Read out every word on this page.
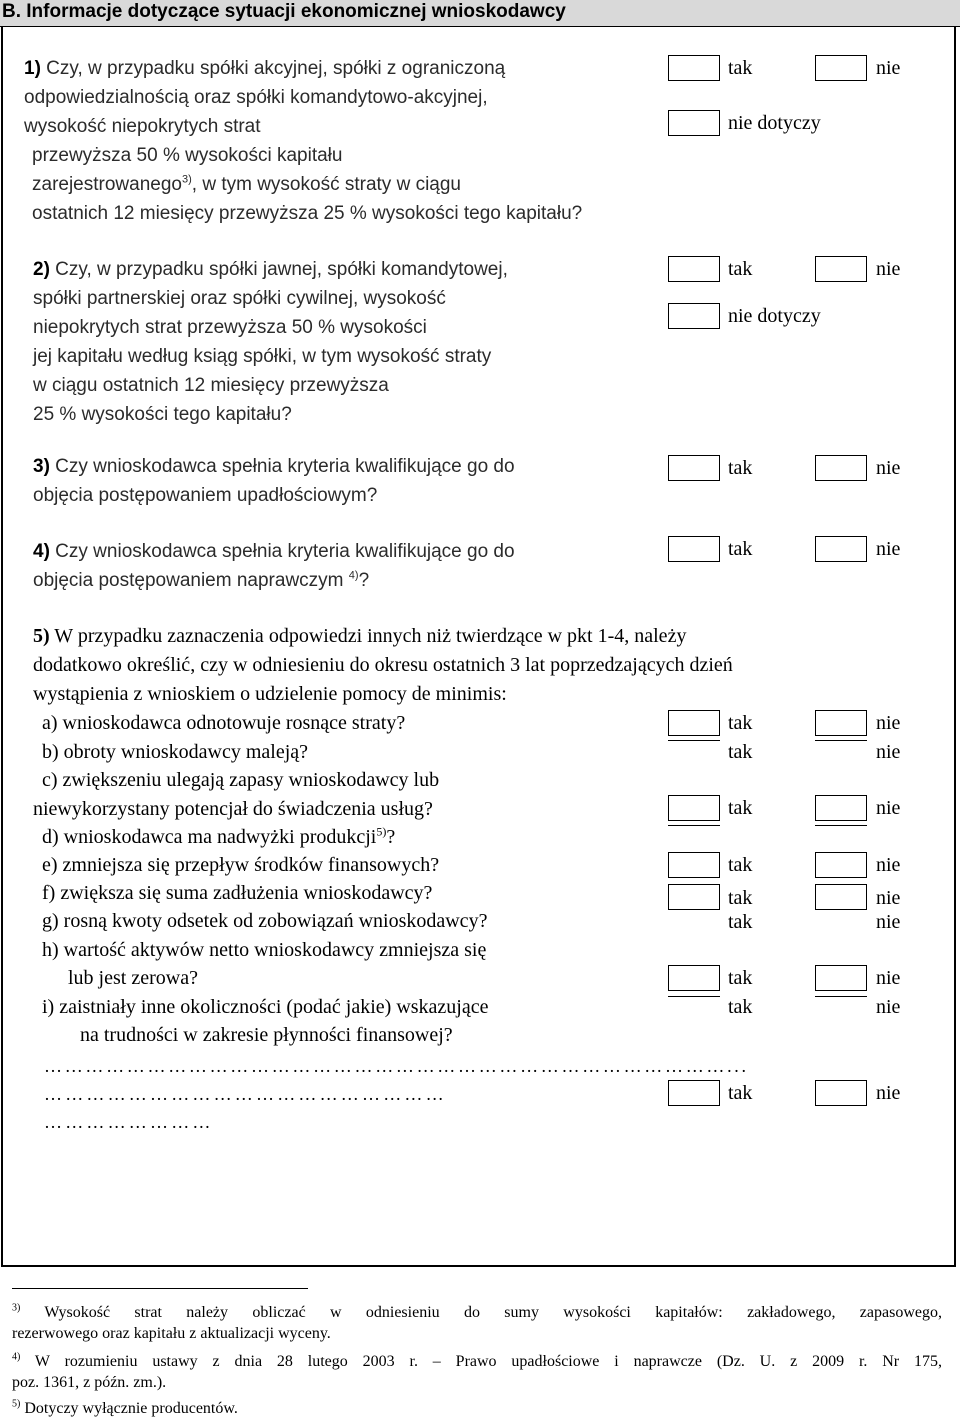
B. Informacje dotyczące sytuacji ekonomicznej wnioskodawcy
1) Czy, w przypadku spółki akcyjnej, spółki z ograniczoną
odpowiedzialnością oraz spółki komandytowo-akcyjnej,
wysokość niepokrytych strat
przewyższa 50 % wysokości kapitału
zarejestrowanego$^{3)}$, w tym wysokość straty w ciągu
ostatnich 12 miesięcy przewyższa 25 % wysokości tego kapitału?
tak	nie
nie dotyczy
2) Czy, w przypadku spółki jawnej, spółki komandytowej,
spółki partnerskiej oraz spółki cywilnej, wysokość
niepokrytych strat przewyższa 50 % wysokości
jej kapitału według ksiąg spółki, w tym wysokość straty
w ciągu ostatnich 12 miesięcy przewyższa
25 % wysokości tego kapitału?
tak	nie
nie dotyczy
3) Czy wnioskodawca spełnia kryteria kwalifikujące go do
objęcia postępowaniem upadłościowym?
tak	nie
4) Czy wnioskodawca spełnia kryteria kwalifikujące go do
objęcia postępowaniem naprawczym $^{4)}$?
tak	nie
5) W przypadku zaznaczenia odpowiedzi innych niż twierdzące w pkt 1-4, należy
dodatkowo określić, czy w odniesieniu do okresu ostatnich 3 lat poprzedzających dzień
wystąpienia z wnioskiem o udzielenie pomocy de minimis:
a) wnioskodawca odnotowuje rosnące straty?	tak	nie
b) obroty wnioskodawcy maleją?	tak	nie
c) zwiększeniu ulegają zapasy wnioskodawcy lub
niewykorzystany potencjał do świadczenia usług?	tak	nie
d) wnioskodawca ma nadwyżki produkcji$^{5)}$?
e) zmniejsza się przepływ środków finansowych?	tak	nie
f) zwiększa się suma zadłużenia wnioskodawcy?	tak	nie
g) rosną kwoty odsetek od zobowiązań wnioskodawcy?	tak	nie
h) wartość aktywów netto wnioskodawcy zmniejsza się
lub jest zerowa?	tak	nie
i) zaistniały inne okoliczności (podać jakie) wskazujące
na trudności w zakresie płynności finansowej?
tak	nie
………………………………………………………………………………………...
…………………………………………………
……………………
tak	nie
$^{3)}$ Wysokość strat należy obliczać w odniesieniu do sumy wysokości kapitałów: zakładowego, zapasowego,
rezerwowego oraz kapitału z aktualizacji wyceny.
$^{4)}$ W rozumieniu ustawy z dnia 28 lutego 2003 r. – Prawo upadłościowe i naprawcze (Dz. U. z 2009 r. Nr 175,
poz. 1361, z późn. zm.).
$^{5)}$ Dotyczy wyłącznie producentów.
